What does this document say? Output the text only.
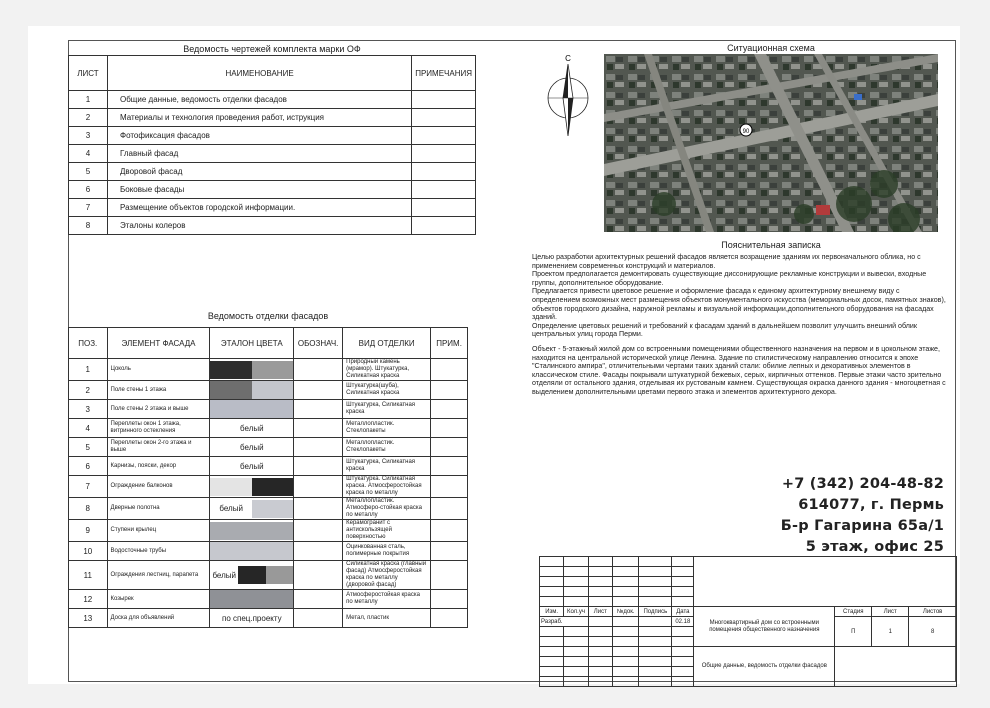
Ведомость чертежей комплекта марки ОФ
ЛИСТ	НАИМЕНОВАНИЕ	ПРИМЕЧАНИЯ
1	Общие данные, ведомость отделки фасадов	
2	Материалы и технология проведения работ, иструкция	
3	Фотофиксация фасадов	
4	Главный фасад	
5	Дворовой фасад	
6	Боковые фасады	
7	Размещение объектов городской информации.	
8	Эталоны колеров	
Ведомость отделки фасадов
ПОЗ.	ЭЛЕМЕНТ ФАСАДА	ЭТАЛОН ЦВЕТА	ОБОЗНАЧ.	ВИД ОТДЕЛКИ	ПРИМ.
1	Цоколь			Природный камень (мрамор). Штукатурка, Силикатная краска	
2	Поле стены 1 этажа			Штукатурка(шуба), Силикатная краска	
3	Поле стены 2 этажа и выше			Штукатурка, Силикатная краска	
4	Переплеты окон 1 этажа, витринного остекления	белый		Металлопластик. Стеклопакеты	
5	Переплеты окон 2-го этажа и выше	белый		Металлопластик. Стеклопакеты	
6	Карнизы, пояски, декор	белый		Штукатурка, Силикатная краска	
7	Ограждение балконов			Штукатурка. Силикатная краска. Атмосферостойкая краска по металлу	
8	Дверные полотна	белый		Металлопластик. Атмосферо-стойкая краска по металлу	
9	Ступени крылец			Керамогранит с антискользящей поверхностью	
10	Водосточные трубы			Оцинкованная сталь, полимерные покрытия	
11	Ограждения лестниц, парапета	белый		Силикатная краска (главный фасад) Атмосферостойкая краска по металлу (дворовой фасад)	
12	Козырек			Атмосферостойкая краска по металлу	
13	Доска для объявлений	по спец.проекту		Метал, пластик	
Ситуационная схема
С
90
Пояснительная записка

Целью разработки архитектурных решений фасадов является возращение зданиям их первоначального облика, но с применением современных конструкций и материалов.

Проектом предполагается демонтировать существующие диссонирующие рекламные конструкции и вывески, входные группы, дополнительное оборудование.

Предлагается привести цветовое решение и оформление фасада к единому архитектурному внешнему виду с определением возможных мест размещения объектов монументального искусства (мемориальных досок, памятных знаков), объектов городского дизайна, наружной рекламы и визуальной информации,дополнительного оборудования на фасадах зданий.

Определение цветовых решений и требований к фасадам зданий в дальнейшем позволит улучшить внешний облик центральных улиц города Перми.

Объект - 5-этажный жилой дом со встроенными помещениями общественного назначения на первом и в цокольном этаже, находится на центральной исторической улице Ленина. Здание по стилистическому направлению относится к эпохе "Сталинского ампира", отличительными чертами таких зданий стали: обилие лепных и декоративных элементов в классическом стиле. Фасады покрывали штукатуркой бежевых, серых, кирпичных оттенков. Первые этажи часто зрительно отделяли от остального здания, отделывая их рустованым камнем. Существующая окраска данного здания - многоцветная с выделением дополнительными цветами первого этажа и элементов архитектурного декора.

+7 (342) 204-48-82
614077, г. Пермь
Б-р Гагарина 65а/1
5 этаж, офис 25

Изм.	Кол.уч	Лист	№док.	Подпись	Дата	Многоквартирный дом со встроенными помещения общественного назначения	Стадия	Лист	Листов
Разраб.					02.18		П	1	8

						Общие данные, ведомость отделки фасадов			
